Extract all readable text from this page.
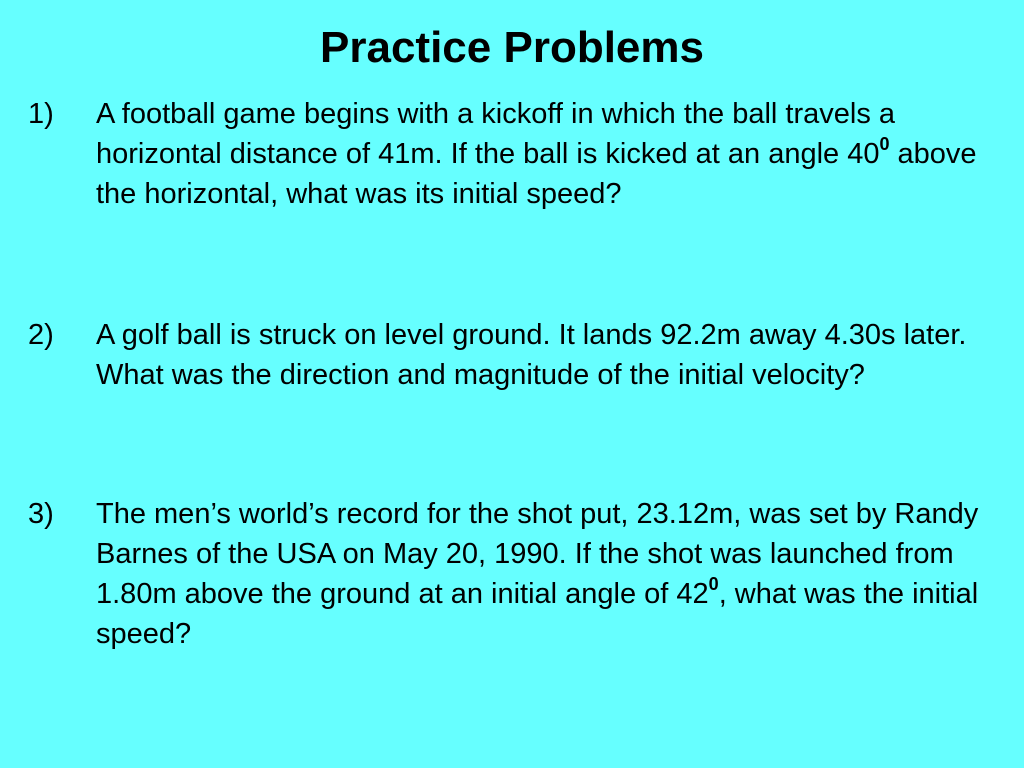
Practice Problems
1)	A football game begins with a kickoff in which the ball travels a horizontal distance of 41m. If the ball is kicked at an angle $40^0$ above the horizontal, what was its initial speed?
2)	A golf ball is struck on level ground. It lands 92.2m away 4.30s later. What was the direction and magnitude of the initial velocity?
3)	The men’s world’s record for the shot put, 23.12m, was set by Randy Barnes of the USA on May 20, 1990. If the shot was launched from 1.80m above the ground at an initial angle of $42^0$, what was the initial speed?
